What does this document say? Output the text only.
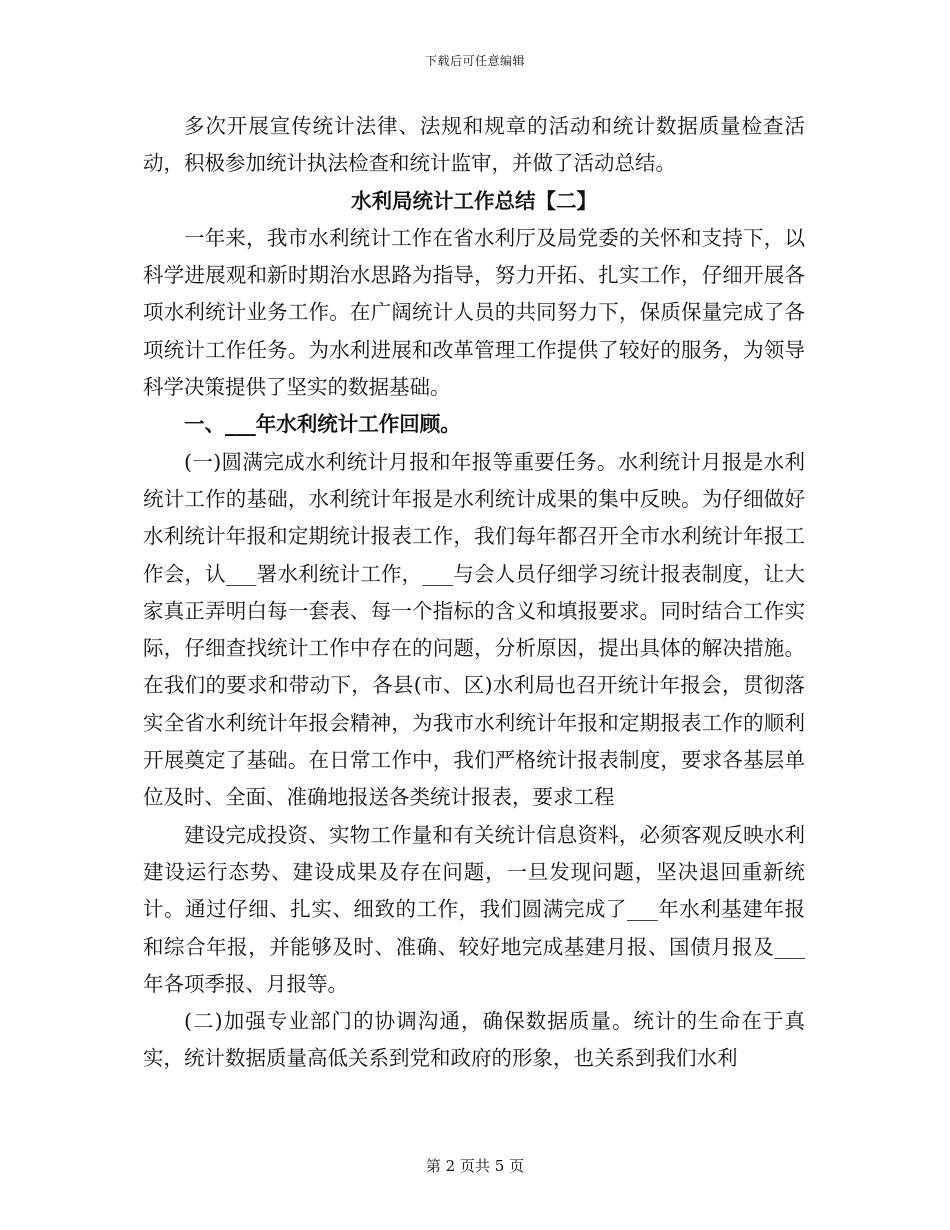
下载后可任意编辑

多次开展宣传统计法律、法规和规章的活动和统计数据质量检查活动，积极参加统计执法检查和统计监审，并做了活动总结。

水利局统计工作总结【二】

一年来，我市水利统计工作在省水利厅及局党委的关怀和支持下，以科学进展观和新时期治水思路为指导，努力开拓、扎实工作，仔细开展各项水利统计业务工作。在广阔统计人员的共同努力下，保质保量完成了各项统计工作任务。为水利进展和改革管理工作提供了较好的服务，为领导科学决策提供了坚实的数据基础。

一、___年水利统计工作回顾。

(一)圆满完成水利统计月报和年报等重要任务。水利统计月报是水利统计工作的基础，水利统计年报是水利统计成果的集中反映。为仔细做好水利统计年报和定期统计报表工作，我们每年都召开全市水利统计年报工作会，认___署水利统计工作，___与会人员仔细学习统计报表制度，让大家真正弄明白每一套表、每一个指标的含义和填报要求。同时结合工作实际，仔细查找统计工作中存在的问题，分析原因，提出具体的解决措施。在我们的要求和带动下，各县(市、区)水利局也召开统计年报会，贯彻落实全省水利统计年报会精神，为我市水利统计年报和定期报表工作的顺利开展奠定了基础。在日常工作中，我们严格统计报表制度，要求各基层单位及时、全面、准确地报送各类统计报表，要求工程

建设完成投资、实物工作量和有关统计信息资料，必须客观反映水利建设运行态势、建设成果及存在问题，一旦发现问题，坚决退回重新统计。通过仔细、扎实、细致的工作，我们圆满完成了___年水利基建年报和综合年报，并能够及时、准确、较好地完成基建月报、国债月报及___年各项季报、月报等。

(二)加强专业部门的协调沟通，确保数据质量。统计的生命在于真实，统计数据质量高低关系到党和政府的形象，也关系到我们水利

第 2 页共 5 页
